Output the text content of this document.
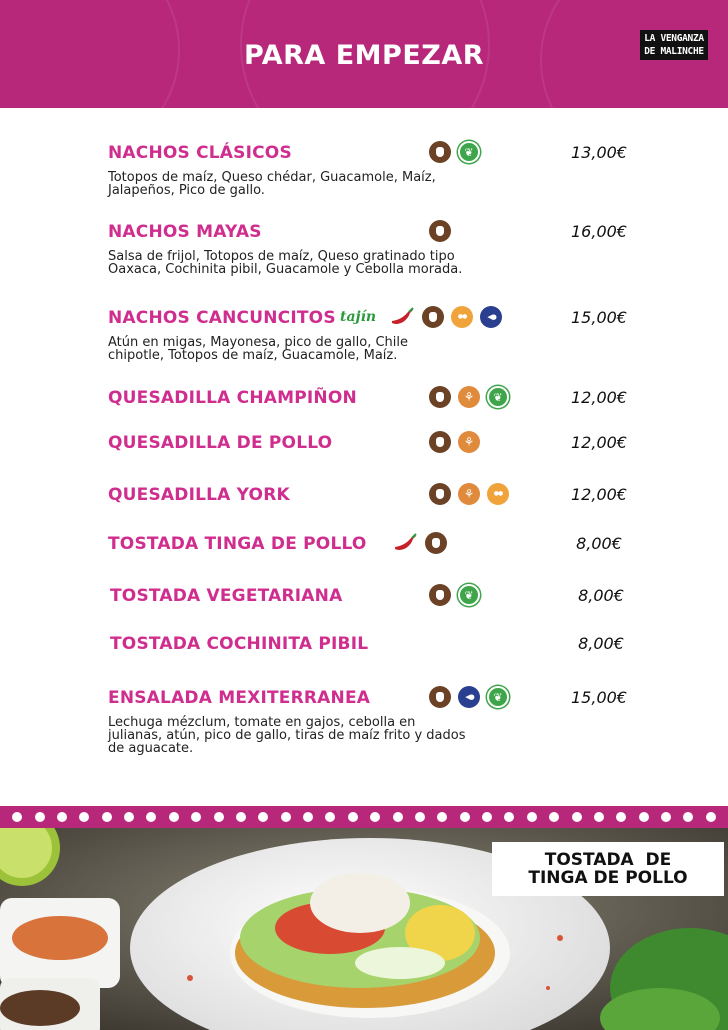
PARA EMPEZAR
LA VENGANZA
DE MALINCHE
NACHOS CLÁSICOS
Totopos de maíz, Queso chédar, Guacamole, Maíz, Jalapeños, Pico de gallo.
❦
13,00€
NACHOS MAYAS
Salsa de frijol, Totopos de maíz, Queso gratinado tipo Oaxaca, Cochinita pibil, Guacamole y Cebolla morada.
16,00€
NACHOS CANCUNCITOS
Atún en migas, Mayonesa, pico de gallo, Chile chipotle, Totopos de maíz, Guacamole, Maíz.
tajín ●● ◀●	15,00€
QUESADILLA CHAMPIÑON ⚘ ❦	12,00€
QUESADILLA DE POLLO ⚘	12,00€
QUESADILLA YORK ⚘ ●●	12,00€
TOSTADA TINGA DE POLLO	8,00€
TOSTADA VEGETARIANA ❦	8,00€
TOSTADA COCHINITA PIBIL	8,00€
ENSALADA MEXITERRANEA
Lechuga mézclum, tomate en gajos, cebolla en julianas, atún, pico de gallo, tiras de maíz frito y dados de aguacate.
◀●
❦
15,00€
TOSTADA  DE
TINGA DE POLLO
